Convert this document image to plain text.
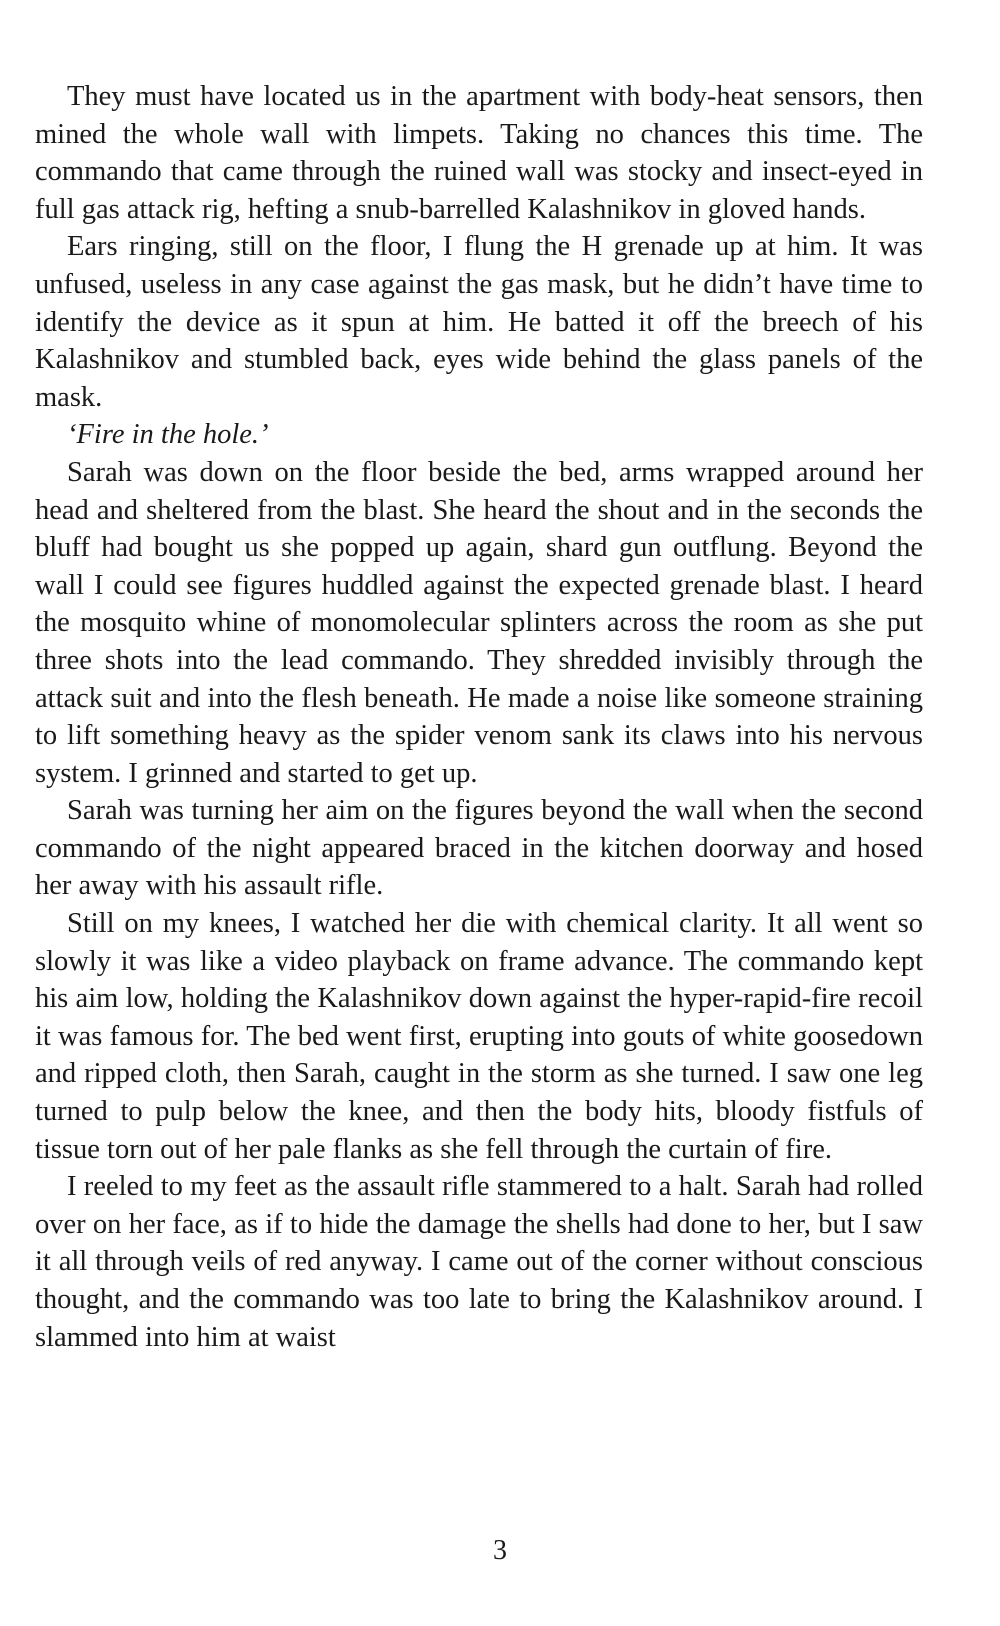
They must have located us in the apartment with body-heat sensors, then mined the whole wall with limpets. Taking no chances this time. The commando that came through the ruined wall was stocky and insect-eyed in full gas attack rig, hefting a snub-barrelled Kalashnikov in gloved hands.

Ears ringing, still on the floor, I flung the H grenade up at him. It was unfused, useless in any case against the gas mask, but he didn’t have time to identify the device as it spun at him. He batted it off the breech of his Kalashnikov and stumbled back, eyes wide behind the glass panels of the mask.

‘Fire in the hole.’

Sarah was down on the floor beside the bed, arms wrapped around her head and sheltered from the blast. She heard the shout and in the seconds the bluff had bought us she popped up again, shard gun outflung. Beyond the wall I could see figures huddled against the expected grenade blast. I heard the mosquito whine of monomolecular splinters across the room as she put three shots into the lead commando. They shredded invisibly through the attack suit and into the flesh beneath. He made a noise like someone straining to lift something heavy as the spider venom sank its claws into his nervous system. I grinned and started to get up.

Sarah was turning her aim on the figures beyond the wall when the second commando of the night appeared braced in the kitchen doorway and hosed her away with his assault rifle.

Still on my knees, I watched her die with chemical clarity. It all went so slowly it was like a video playback on frame advance. The commando kept his aim low, holding the Kalashnikov down against the hyper-rapid-fire recoil it was famous for. The bed went first, erupting into gouts of white goosedown and ripped cloth, then Sarah, caught in the storm as she turned. I saw one leg turned to pulp below the knee, and then the body hits, bloody fistfuls of tissue torn out of her pale flanks as she fell through the curtain of fire.

I reeled to my feet as the assault rifle stammered to a halt. Sarah had rolled over on her face, as if to hide the damage the shells had done to her, but I saw it all through veils of red anyway. I came out of the corner without conscious thought, and the commando was too late to bring the Kalashnikov around. I slammed into him at waist

3
